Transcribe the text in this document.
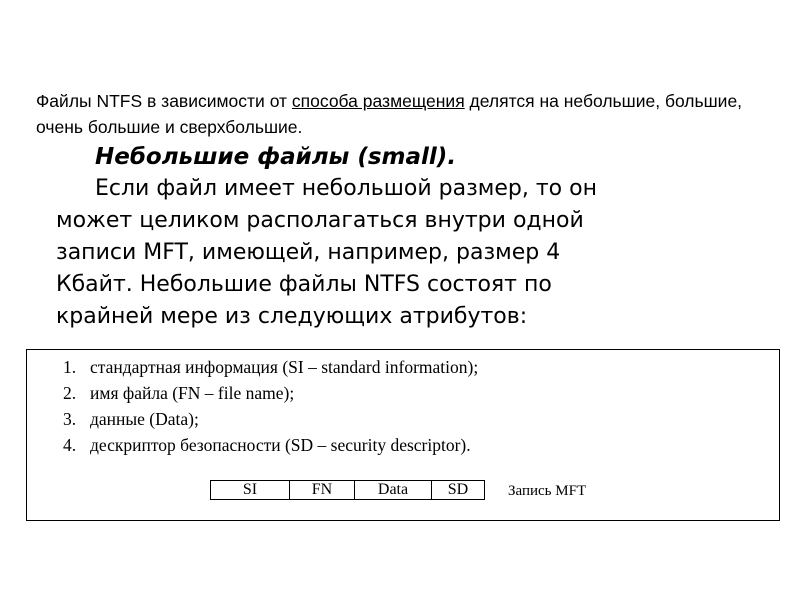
Файлы NTFS в зависимости от способа размещения делятся на небольшие, большие, очень большие и сверхбольшие.
Небольшие файлы (small).
Если файл имеет небольшой размер, то он
может целиком располагаться внутри одной
записи MFT, имеющей, например, размер 4
Кбайт. Небольшие файлы NTFS состоят по
крайней мере из следующих атрибутов:
1. стандартная информация (SI – standard information);
2. имя файла (FN – file name);
3. данные (Data);
4. дескриптор безопасности (SD – security descriptor).
SI	FN	Data	SD	Запись MFT
